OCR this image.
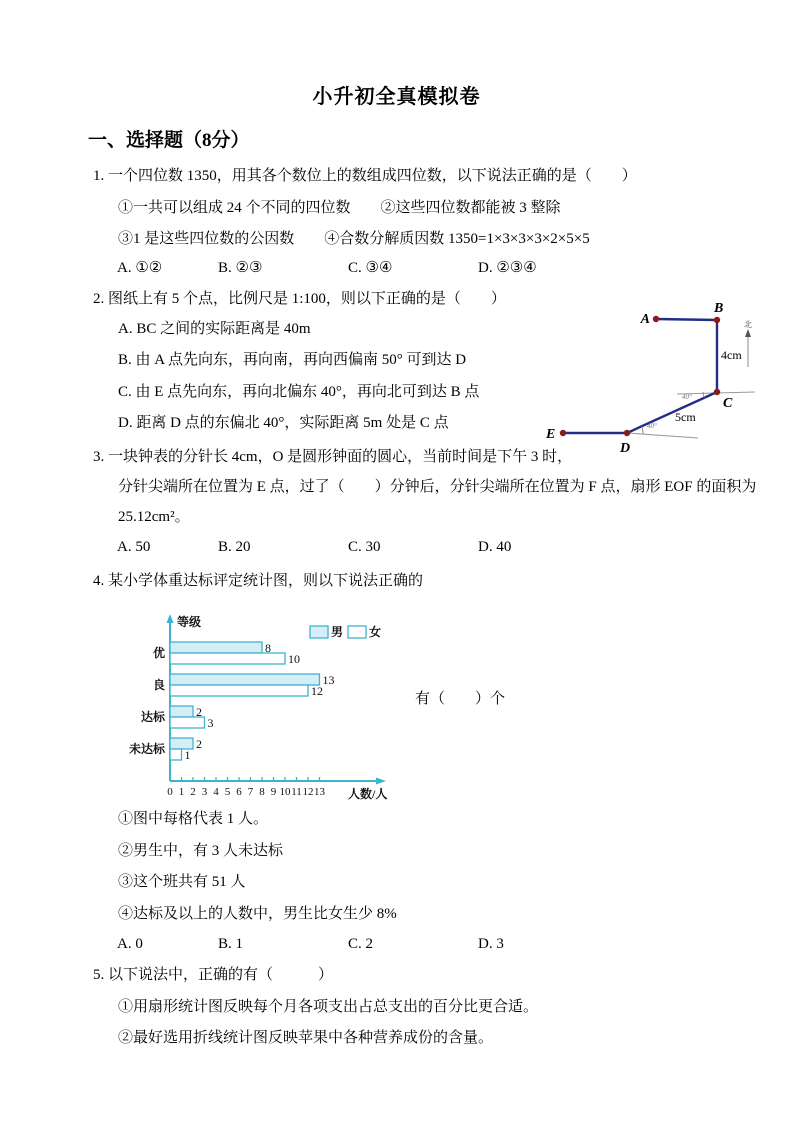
小升初全真模拟卷
一、选择题（8分）
1. 一个四位数 1350，用其各个数位上的数组成四位数，以下说法正确的是（　　）
①一共可以组成 24 个不同的四位数　　②这些四位数都能被 3 整除
③1 是这些四位数的公因数　　④合数分解质因数 1350=1×3×3×3×2×5×5
A. ①②	B. ②③	C. ③④	D. ②③④
2. 图纸上有 5 个点，比例尺是 1:100，则以下正确的是（　　）
A. BC 之间的实际距离是 40m
B. 由 A 点先向东，再向南，再向西偏南 50° 可到达 D
C. 由 E 点先向东，再向北偏东 40°，再向北可到达 B 点
D. 距离 D 点的东偏北 40°，实际距离 5m 处是 C 点
北
40°
40°
4cm
5cm
A
B
C
D
E
3. 一块钟表的分针长 4cm，O 是圆形钟面的圆心，当前时间是下午 3 时，
分针尖端所在位置为 E 点，过了（　　）分钟后，分针尖端所在位置为 F 点，扇形 EOF 的面积为
25.12cm²。
A. 50	B. 20	C. 30	D. 40
4. 某小学体重达标评定统计图，则以下说法正确的
0 1 2 3 4 5 6 7 8 9 10 11 12 13
等级
人数/人
8
10
优
13
12
良
2
3
达标
2
1
未达标
男 女
有（　　）个
①图中每格代表 1 人。
②男生中，有 3 人未达标
③这个班共有 51 人
④达标及以上的人数中，男生比女生少 8%
A. 0	B. 1	C. 2	D. 3
5. 以下说法中，正确的有（　　　）
①用扇形统计图反映每个月各项支出占总支出的百分比更合适。
②最好选用折线统计图反映苹果中各种营养成份的含量。
